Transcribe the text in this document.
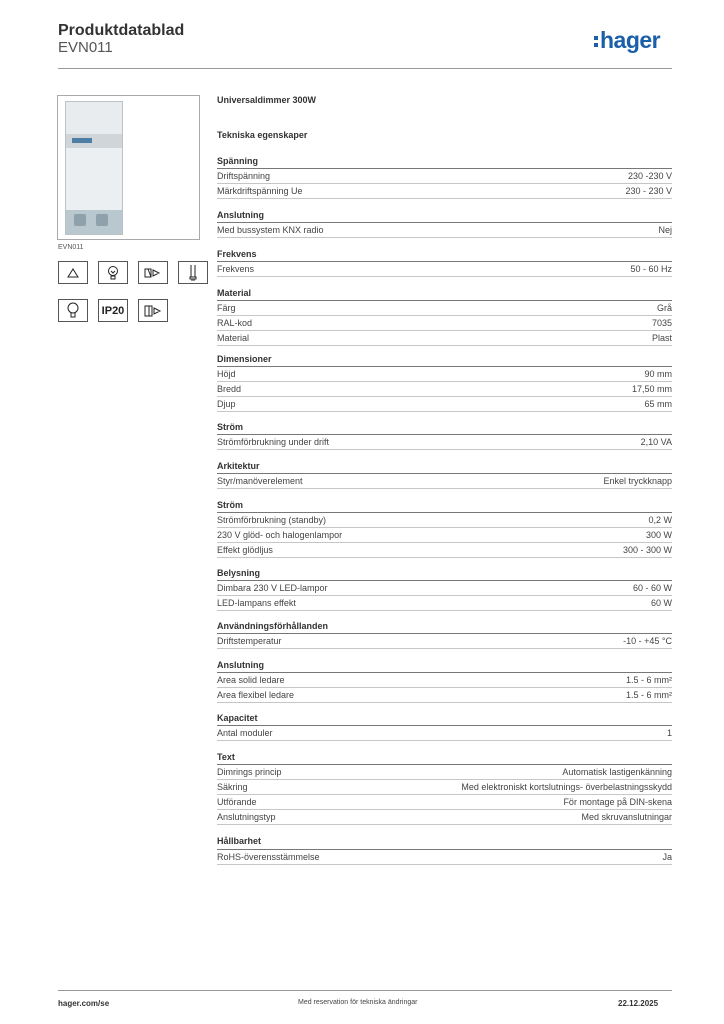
Produktdatablad
EVN011	hager
EVN011
IP20
Universaldimmer 300W
Tekniska egenskaper
Spänning
Driftspänning	230 -230 V
Märkdriftspänning Ue	230 - 230 V
Anslutning
Med bussystem KNX radio	Nej
Frekvens
Frekvens	50 - 60 Hz
Material
Färg	Grå
RAL-kod	7035
Material	Plast
Dimensioner
Höjd	90 mm
Bredd	17,50 mm
Djup	65 mm
Ström
Strömförbrukning under drift	2,10 VA
Arkitektur
Styr/manöverelement	Enkel tryckknapp
Ström
Strömförbrukning (standby)	0,2 W
230 V glöd- och halogenlampor	300 W
Effekt glödljus	300 - 300 W
Belysning
Dimbara 230 V LED-lampor	60 - 60 W
LED-lampans effekt	60 W
Användningsförhållanden
Driftstemperatur	-10 - +45 °C
Anslutning
Area solid ledare	1.5 - 6 mm²
Area flexibel ledare	1.5 - 6 mm²
Kapacitet
Antal moduler	1
Text
Dimrings princip	Automatisk lastigenkänning
Säkring	Med elektroniskt kortslutnings- överbelastningsskydd
Utförande	För montage på DIN-skena
Anslutningstyp	Med skruvanslutningar
Hållbarhet
RoHS-överensstämmelse	Ja
hager.com/se	Med reservation för tekniska ändringar	22.12.2025
